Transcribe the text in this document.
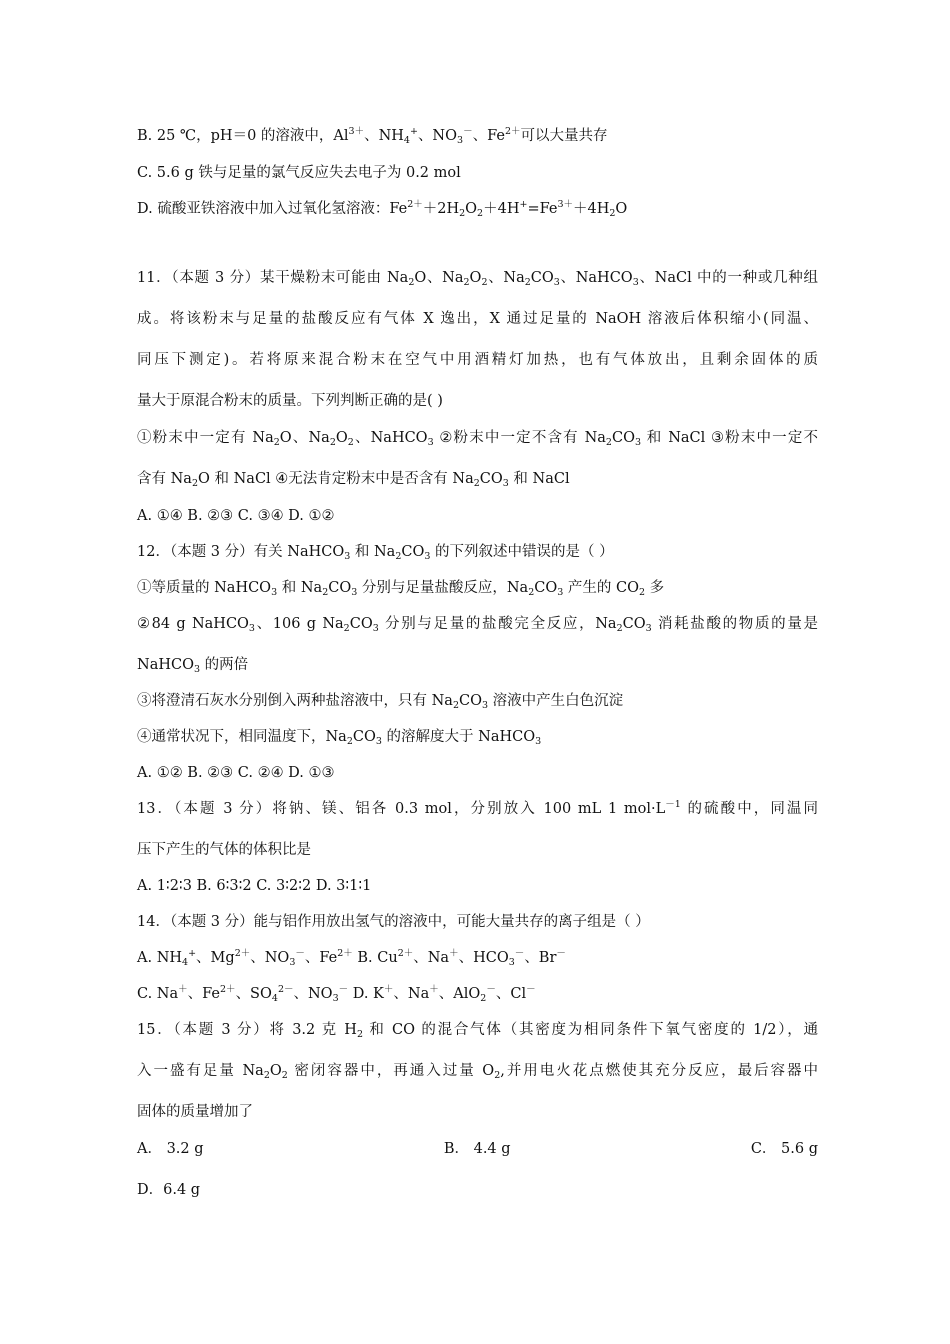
B. 25 ℃，pH＝0 的溶液中，$Al^{3+}$、$NH_4^+$、$NO_3^-$、$Fe^{2+}$可以大量共存
C. 5.6 g 铁与足量的氯气反应失去电子为 0.2 mol
D. 硫酸亚铁溶液中加入过氧化氢溶液：$Fe^{2+}+2H_2O_2+4H^+=Fe^{3+}+4H_2O$
11．（本题 3 分）某干燥粉末可能由 $Na_2O$、$Na_2O_2$、$Na_2CO_3$、NaHCO$_3$、NaCl 中的一种或几种组
成。将该粉末与足量的盐酸反应有气体 X 逸出，X 通过足量的 NaOH 溶液后体积缩小(同温、
同压下测定)。若将原来混合粉末在空气中用酒精灯加热，也有气体放出，且剩余固体的质
量大于原混合粉末的质量。下列判断正确的是( )
①粉末中一定有 $Na_2O$、$Na_2O_2$、NaHCO$_3$ ②粉末中一定不含有 $Na_2CO_3$ 和 NaCl ③粉末中一定不
含有 $Na_2O$ 和 NaCl ④无法肯定粉末中是否含有 $Na_2CO_3$ 和 NaCl
A. ①④ B. ②③ C. ③④ D. ①②
12．（本题 3 分）有关 NaHCO$_3$ 和 $Na_2CO_3$ 的下列叙述中错误的是（ ）
①等质量的 NaHCO$_3$ 和 $Na_2CO_3$ 分别与足量盐酸反应，$Na_2CO_3$ 产生的 $CO_2$ 多
②84 g NaHCO$_3$、106 g $Na_2CO_3$ 分别与足量的盐酸完全反应，$Na_2CO_3$ 消耗盐酸的物质的量是
NaHCO$_3$ 的两倍
③将澄清石灰水分别倒入两种盐溶液中，只有 $Na_2CO_3$ 溶液中产生白色沉淀
④通常状况下，相同温度下，$Na_2CO_3$ 的溶解度大于 NaHCO$_3$
A. ①② B. ②③ C. ②④ D. ①③
13．（本题 3 分）将钠、镁、铝各 0.3 mol，分别放入 100 mL 1 $mol\cdot L^{-1}$ 的硫酸中，同温同
压下产生的气体的体积比是
A. 1∶2∶3 B. 6∶3∶2 C. 3∶2∶2 D. 3∶1∶1
14．（本题 3 分）能与铝作用放出氢气的溶液中，可能大量共存的离子组是（ ）
A. $NH_4^+$、$Mg^{2+}$、$NO_3^-$、$Fe^{2+}$ B. $Cu^{2+}$、Na＋、$HCO_3^-$、Br－
C. Na＋、$Fe^{2+}$、$SO_4^{2-}$、$NO_3^-$ D. K＋、Na＋、AlO$_2$－、Cl－
15．（本题 3 分）将 3.2 克 $H_2$ 和 CO 的混合气体（其密度为相同条件下氧气密度的 1/2），通
入一盛有足量 $Na_2O_2$ 密闭容器中，再通入过量 $O_2$,并用电火花点燃使其充分反应，最后容器中
固体的质量增加了
A． 3.2 g	B． 4.4 g	C． 5.6 g
D．6.4 g
